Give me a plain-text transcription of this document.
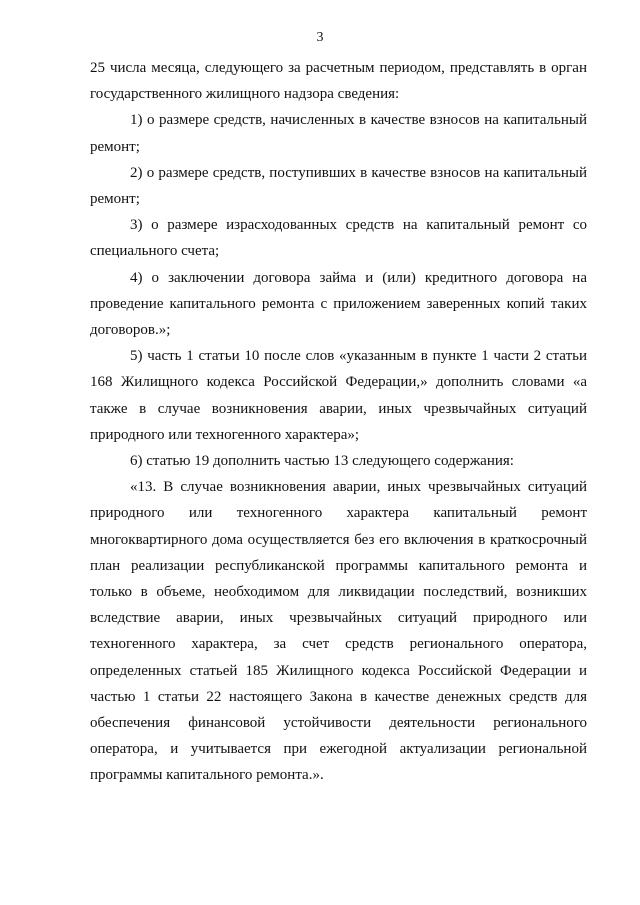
3

25 числа месяца, следующего за расчетным периодом, представлять в орган государственного жилищного надзора сведения:

1) о размере средств, начисленных в качестве взносов на капитальный ремонт;

2) о размере средств, поступивших в качестве взносов на капитальный ремонт;

3) о размере израсходованных средств на капитальный ремонт со специального счета;

4) о заключении договора займа и (или) кредитного договора на проведение капитального ремонта с приложением заверенных копий таких договоров.»;

5) часть 1 статьи 10 после слов «указанным в пункте 1 части 2 статьи 168 Жилищного кодекса Российской Федерации,» дополнить словами «а также в случае возникновения аварии, иных чрезвычайных ситуаций природного или техногенного характера»;

6) статью 19 дополнить частью 13 следующего содержания:

«13. В случае возникновения аварии, иных чрезвычайных ситуаций природного или техногенного характера капитальный ремонт многоквартирного дома осуществляется без его включения в краткосрочный план реализации республиканской программы капитального ремонта и только в объеме, необходимом для ликвидации последствий, возникших вследствие аварии, иных чрезвычайных ситуаций природного или техногенного характера, за счет средств регионального оператора, определенных статьей 185 Жилищного кодекса Российской Федерации и частью 1 статьи 22 настоящего Закона в качестве денежных средств для обеспечения финансовой устойчивости деятельности регионального оператора, и учитывается при ежегодной актуализации региональной программы капитального ремонта.».
